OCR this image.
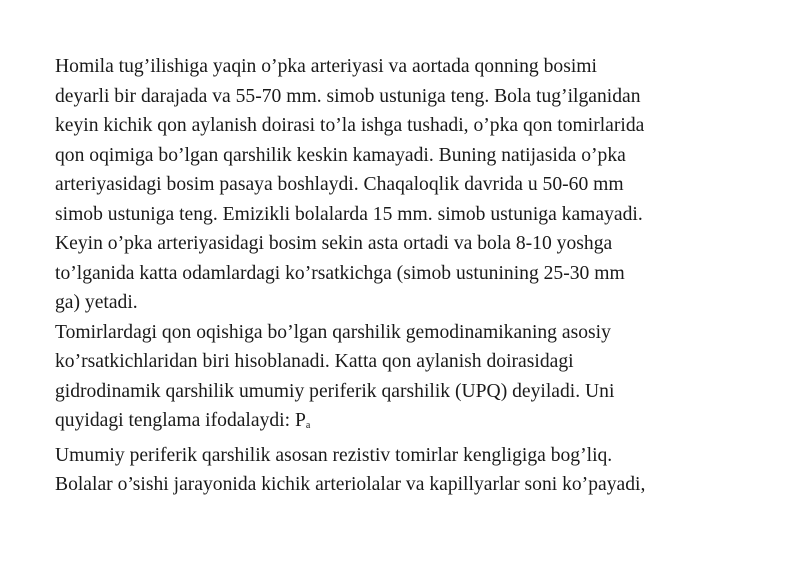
Homila tug’ilishiga yaqin o’pka arteriyasi va aortada qonning bosimi
deyarli bir darajada va 55-70 mm. simob ustuniga teng. Bola tug’ilganidan
keyin kichik qon aylanish doirasi to’la ishga tushadi, o’pka qon tomirlarida
qon oqimiga bo’lgan qarshilik keskin kamayadi. Buning natijasida o’pka
arteriyasidagi bosim pasaya boshlaydi. Chaqaloqlik davrida u 50-60 mm
simob ustuniga teng. Emizikli bolalarda 15 mm. simob ustuniga kamayadi.
Keyin o’pka arteriyasidagi bosim sekin asta ortadi va bola 8-10 yoshga
to’lganida katta odamlardagi ko’rsatkichga (simob ustunining 25-30 mm
ga) yetadi.
Tomirlardagi qon oqishiga bo’lgan qarshilik gemodinamikaning asosiy
ko’rsatkichlaridan biri hisoblanadi. Katta qon aylanish doirasidagi
gidrodinamik qarshilik umumiy periferik qarshilik (UPQ) deyiladi. Uni
quyidagi tenglama ifodalaydi: $P_a$
Umumiy periferik qarshilik asosan rezistiv tomirlar kengligiga bog’liq.
Bolalar o’sishi jarayonida kichik arteriolalar va kapillyarlar soni ko’payadi,
